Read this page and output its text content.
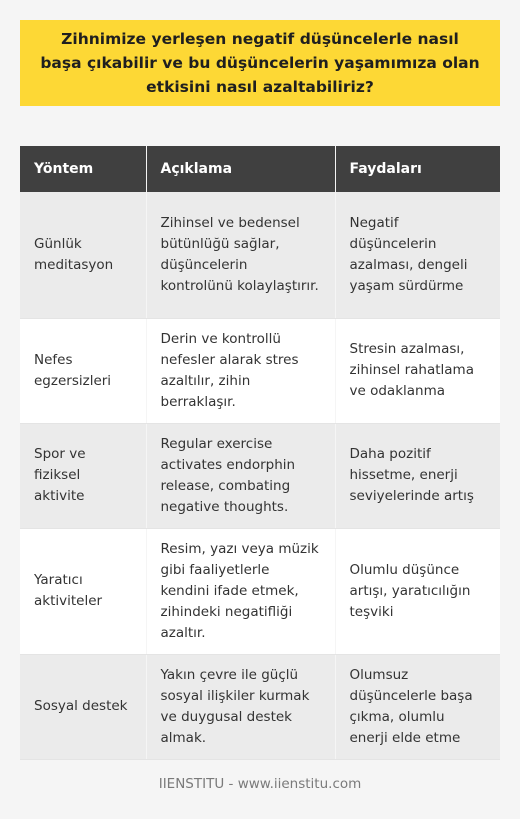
Zihnimize yerleşen negatif düşüncelerle nasıl başa çıkabilir ve bu düşüncelerin yaşamımıza olan etkisini nasıl azaltabiliriz?
Yöntem	Açıklama	Faydaları
Günlük meditasyon	Zihinsel ve bedensel bütünlüğü sağlar, düşüncelerin kontrolünü kolaylaştırır.	Negatif düşüncelerin azalması, dengeli yaşam sürdürme
Nefes egzersizleri	Derin ve kontrollü nefesler alarak stres azaltılır, zihin berraklaşır.	Stresin azalması, zihinsel rahatlama ve odaklanma
Spor ve fiziksel aktivite	Regular exercise activates endorphin release, combating negative thoughts.	Daha pozitif hissetme, enerji seviyelerinde artış
Yaratıcı aktiviteler	Resim, yazı veya müzik gibi faaliyetlerle kendini ifade etmek, zihindeki negatifliği azaltır.	Olumlu düşünce artışı, yaratıcılığın teşviki
Sosyal destek	Yakın çevre ile güçlü sosyal ilişkiler kurmak ve duygusal destek almak.	Olumsuz düşüncelerle başa çıkma, olumlu enerji elde etme
IIENSTITU - www.iienstitu.com
